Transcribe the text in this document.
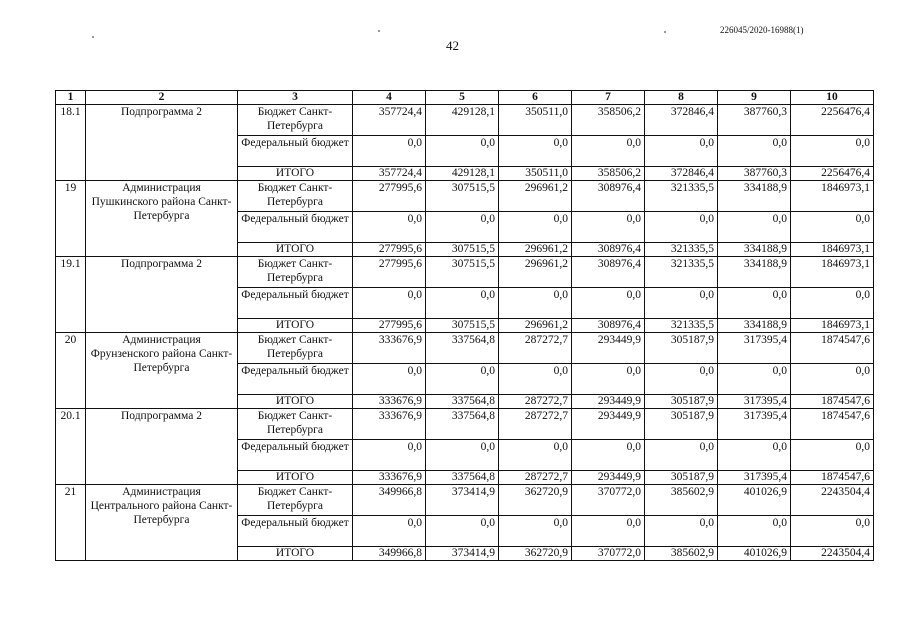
226045/2020-16988(1)
42
1	2	3	4	5	6	7	8	9	10
18.1	Подпрограмма 2	Бюджет Санкт-Петербурга	357724,4	429128,1	350511,0	358506,2	372846,4	387760,3	2256476,4
		Федеральный бюджет	0,0	0,0	0,0	0,0	0,0	0,0	0,0
		ИТОГО	357724,4	429128,1	350511,0	358506,2	372846,4	387760,3	2256476,4
19	Администрация Пушкинского района Санкт-Петербурга	Бюджет Санкт-Петербурга	277995,6	307515,5	296961,2	308976,4	321335,5	334188,9	1846973,1
		Федеральный бюджет	0,0	0,0	0,0	0,0	0,0	0,0	0,0
		ИТОГО	277995,6	307515,5	296961,2	308976,4	321335,5	334188,9	1846973,1
19.1	Подпрограмма 2	Бюджет Санкт-Петербурга	277995,6	307515,5	296961,2	308976,4	321335,5	334188,9	1846973,1
		Федеральный бюджет	0,0	0,0	0,0	0,0	0,0	0,0	0,0
		ИТОГО	277995,6	307515,5	296961,2	308976,4	321335,5	334188,9	1846973,1
20	Администрация Фрунзенского района Санкт-Петербурга	Бюджет Санкт-Петербурга	333676,9	337564,8	287272,7	293449,9	305187,9	317395,4	1874547,6
		Федеральный бюджет	0,0	0,0	0,0	0,0	0,0	0,0	0,0
		ИТОГО	333676,9	337564,8	287272,7	293449,9	305187,9	317395,4	1874547,6
20.1	Подпрограмма 2	Бюджет Санкт-Петербурга	333676,9	337564,8	287272,7	293449,9	305187,9	317395,4	1874547,6
		Федеральный бюджет	0,0	0,0	0,0	0,0	0,0	0,0	0,0
		ИТОГО	333676,9	337564,8	287272,7	293449,9	305187,9	317395,4	1874547,6
21	Администрация Центрального района Санкт-Петербурга	Бюджет Санкт-Петербурга	349966,8	373414,9	362720,9	370772,0	385602,9	401026,9	2243504,4
		Федеральный бюджет	0,0	0,0	0,0	0,0	0,0	0,0	0,0
		ИТОГО	349966,8	373414,9	362720,9	370772,0	385602,9	401026,9	2243504,4
